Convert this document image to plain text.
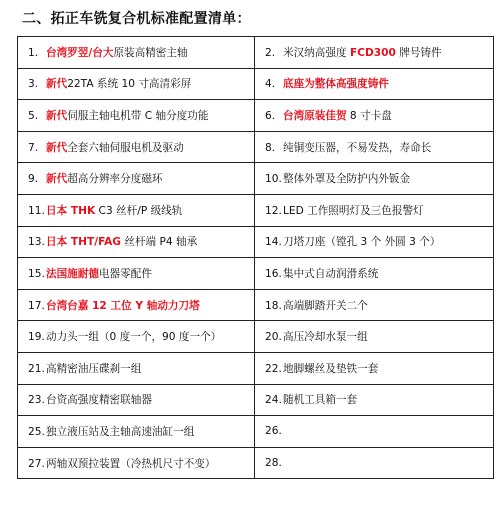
二、拓正车铣复合机标准配置清单：
1. 台湾罗翌/台大原装高精密主轴	2. 米汉纳高强度 FCD300 牌号铸件
3. 新代22TA 系统 10 寸高清彩屏	4. 底座为整体高强度铸件
5. 新代伺服主轴电机带 C 轴分度功能	6. 台湾原装佳贺 8 寸卡盘
7. 新代全套六轴伺服电机及驱动	8. 纯铜变压器，不易发热，寿命长
9. 新代超高分辨率分度磁环	10.整体外罩及全防护内外钣金
11.日本 THK C3 丝杆/P 级线轨	12.LED 工作照明灯及三色报警灯
13.日本 THT/FAG 丝杆端 P4 轴承	14.刀塔刀座（镗孔 3 个 外圆 3 个）
15.法国施耐德电器零配件	16.集中式自动润滑系统
17.台湾台嘉 12 工位 Y 轴动力刀塔	18.高端脚踏开关二个
19.动力头一组（0 度一个，90 度一个）	20.高压冷却水泵一组
21.高精密油压碟刹一组	22.地脚螺丝及垫铁一套
23.台资高强度精密联轴器	24.随机工具箱一套
25.独立液压站及主轴高速油缸一组	26.
27.两轴双预拉装置（冷热机尺寸不变）	28.
